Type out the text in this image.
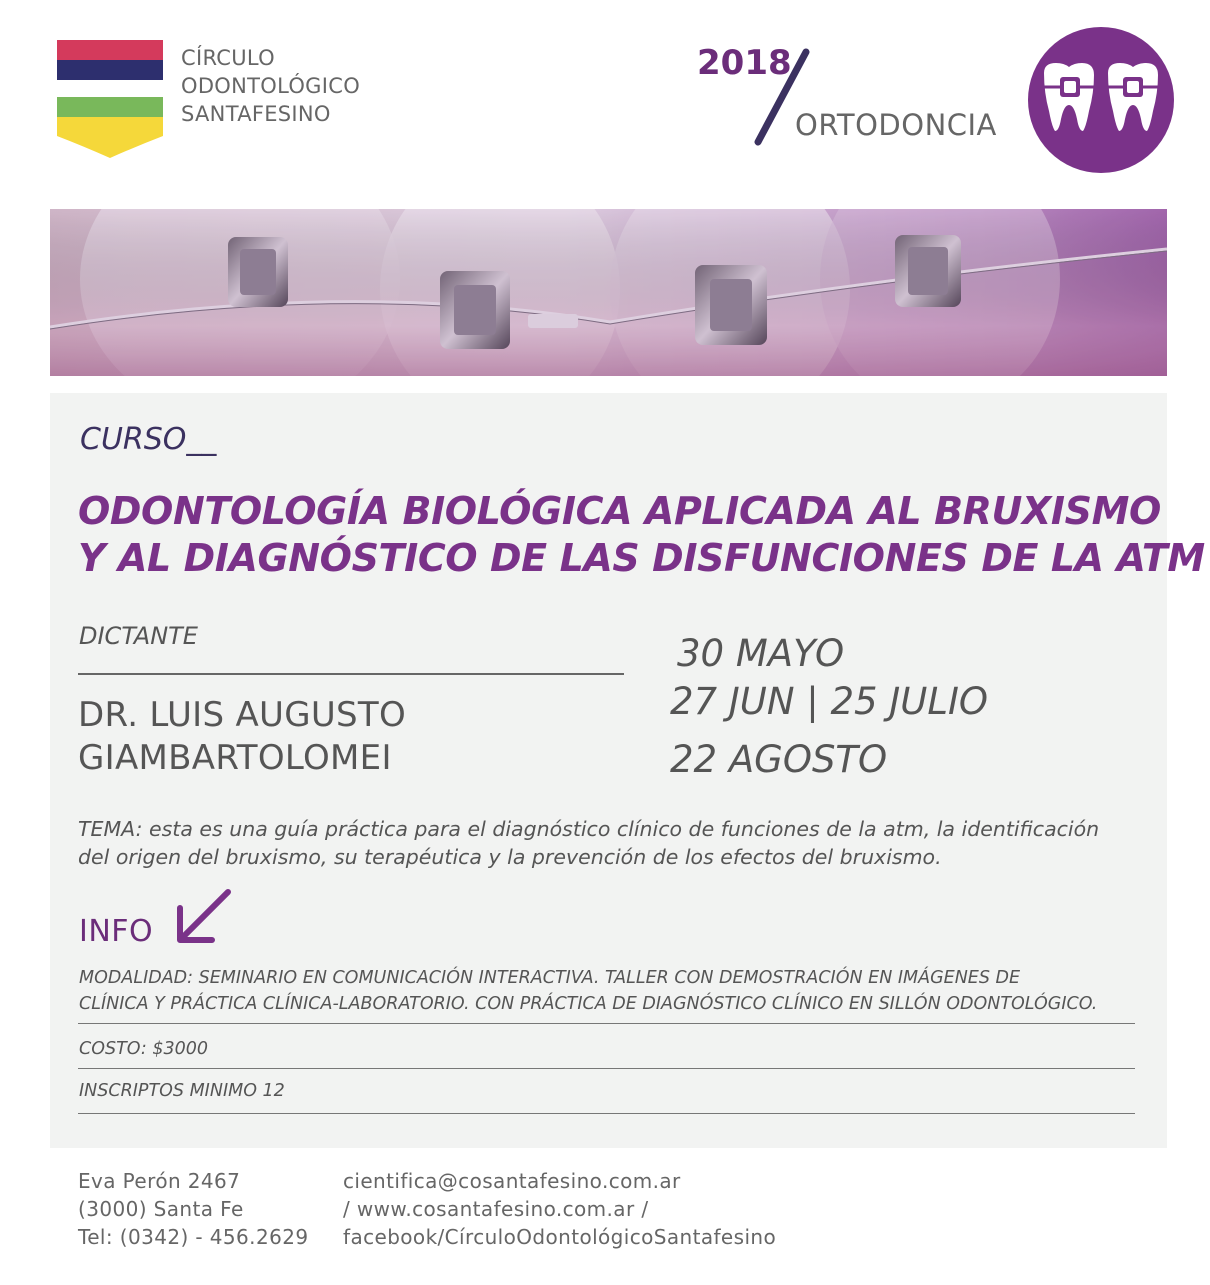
CÍRCULO
ODONTOLÓGICO
SANTAFESINO
2018
ORTODONCIA
CURSO__
ODONTOLOGÍA BIOLÓGICA APLICADA AL BRUXISMO
Y AL DIAGNÓSTICO DE LAS DISFUNCIONES DE LA ATM
DICTANTE
DR. LUIS AUGUSTO
GIAMBARTOLOMEI
30 MAYO
27 JUN | 25 JULIO
22 AGOSTO
TEMA: esta es una guía práctica para el diagnóstico clínico de funciones de la atm, la identificación
del origen del bruxismo, su terapéutica y la prevención de los efectos del bruxismo.
INFO
MODALIDAD: SEMINARIO EN COMUNICACIÓN INTERACTIVA. TALLER CON DEMOSTRACIÓN EN IMÁGENES DE
CLÍNICA Y PRÁCTICA CLÍNICA-LABORATORIO. CON PRÁCTICA DE DIAGNÓSTICO CLÍNICO EN SILLÓN ODONTOLÓGICO.
COSTO: $3000
INSCRIPTOS MINIMO 12
Eva Perón 2467
(3000) Santa Fe
Tel: (0342) - 456.2629
cientifica@cosantafesino.com.ar
/ www.cosantafesino.com.ar /
facebook/CírculoOdontológicoSantafesino
